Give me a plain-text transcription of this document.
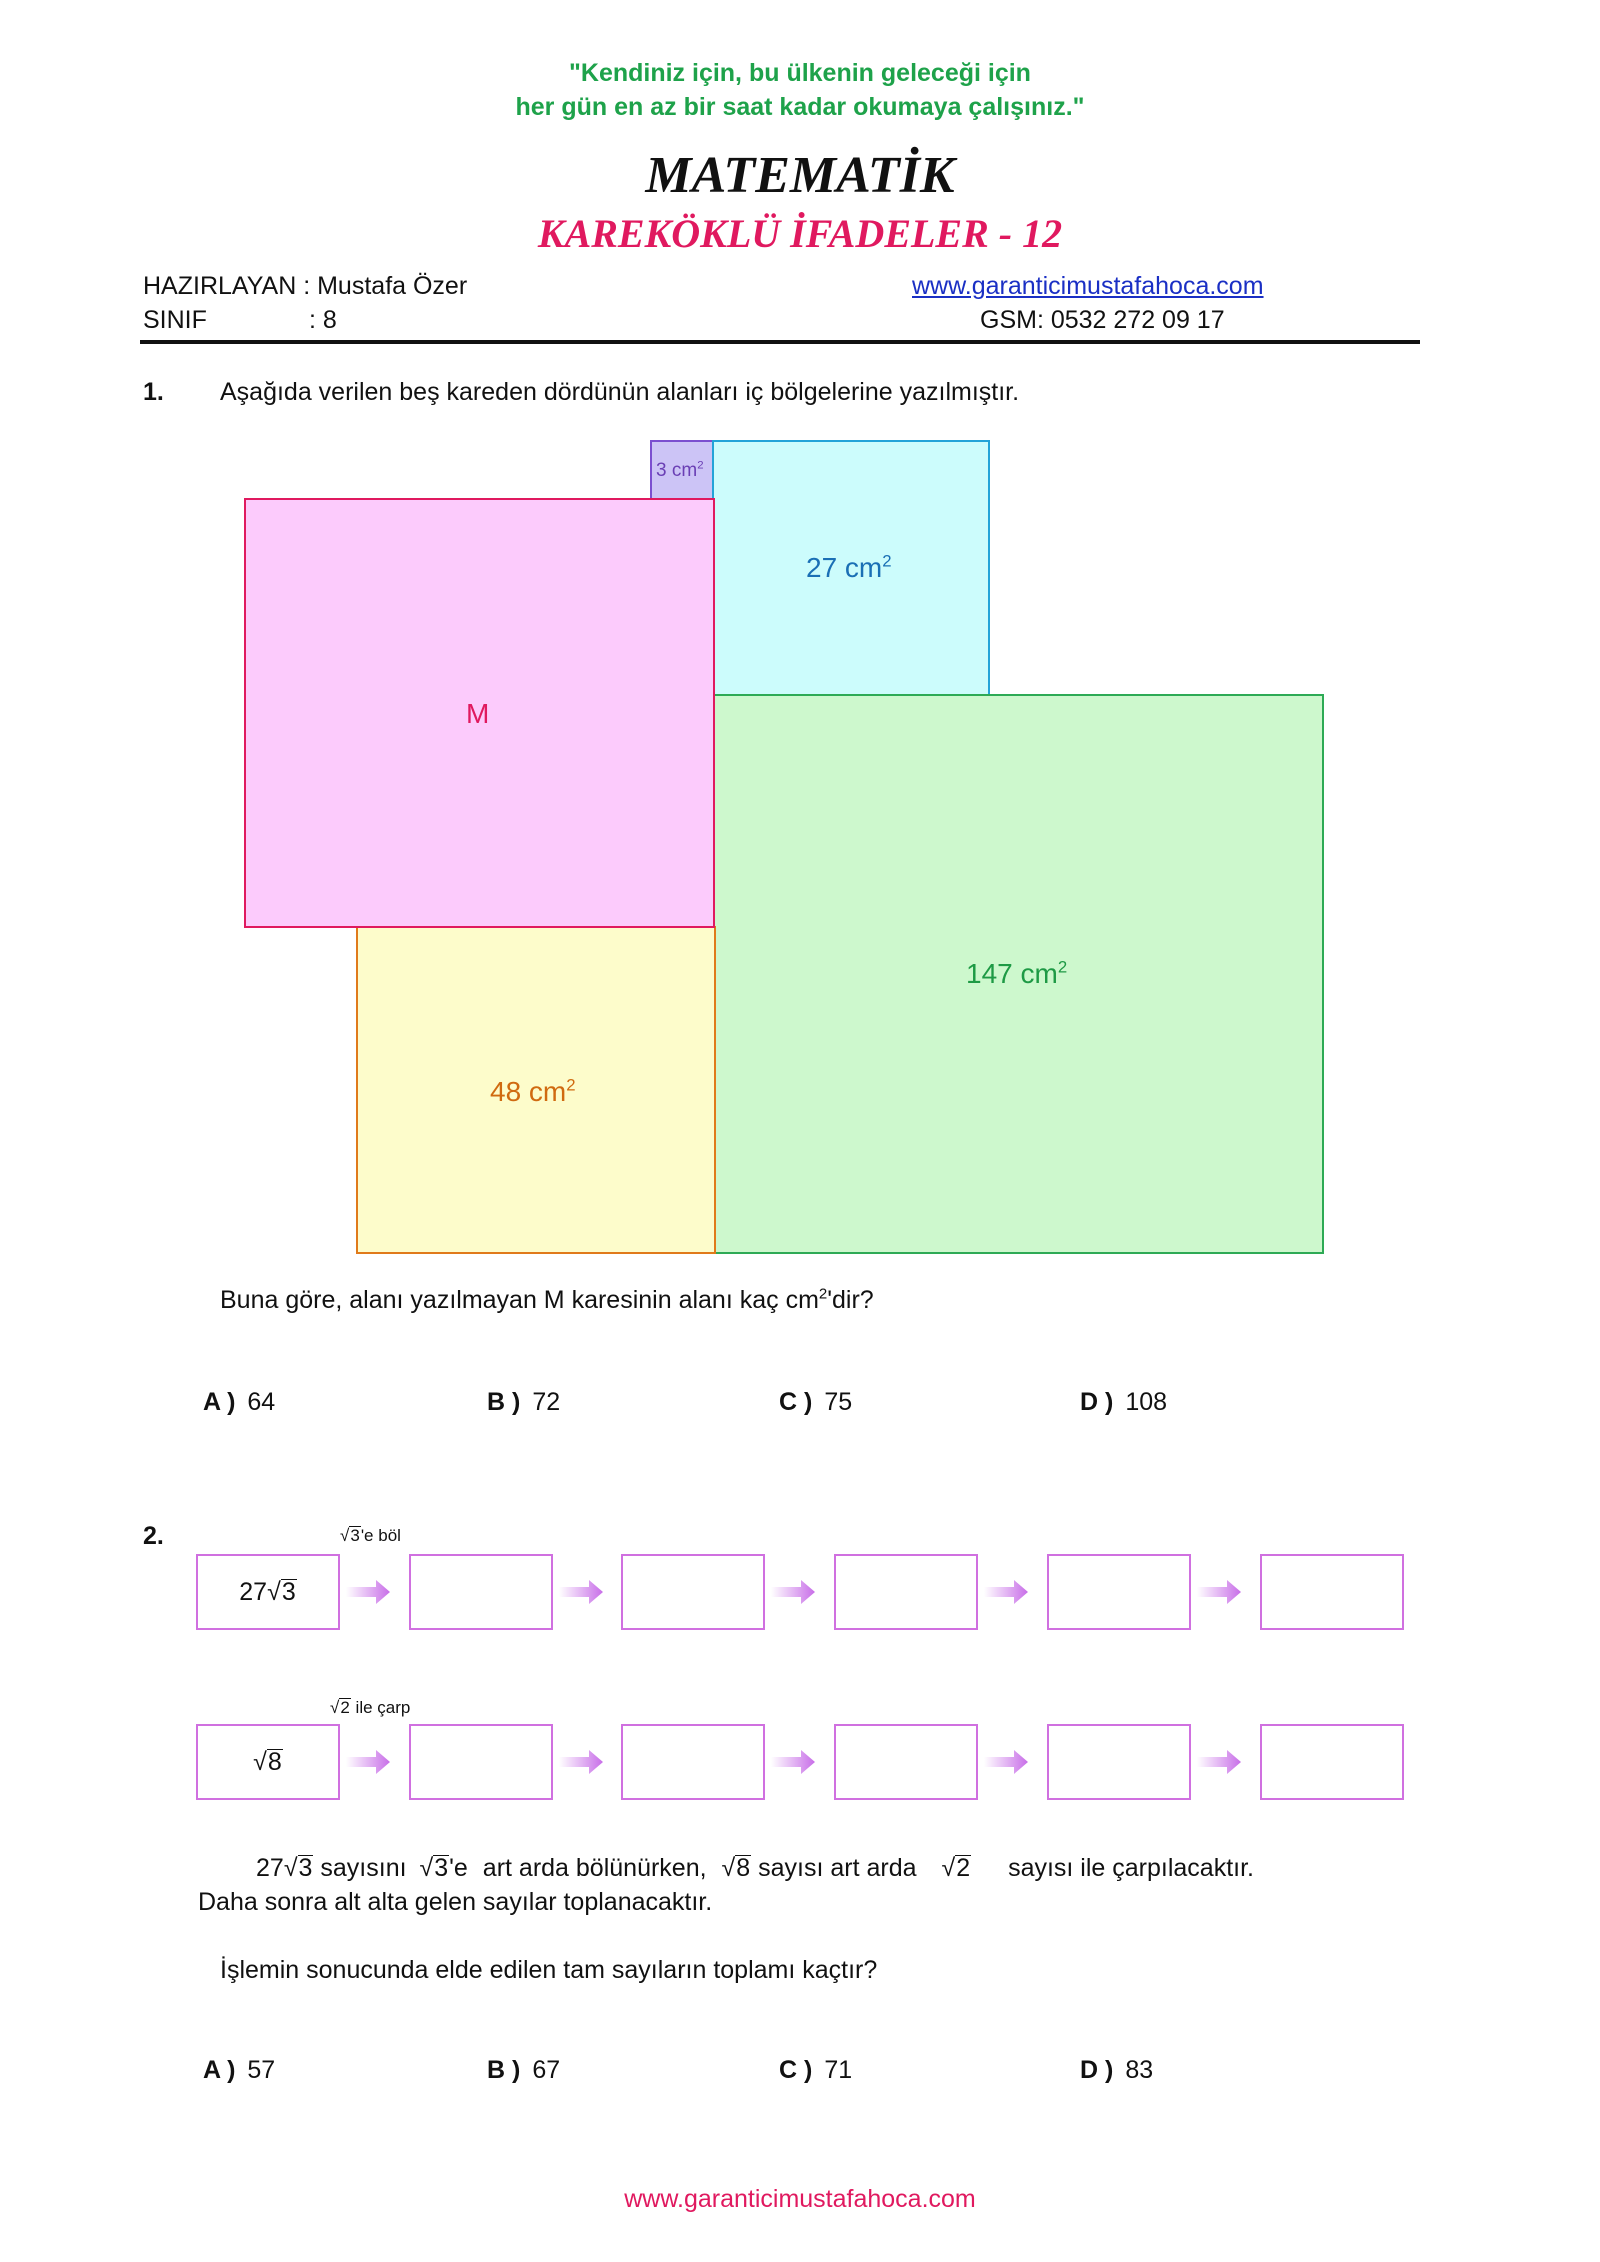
"Kendiniz için, bu ülkenin geleceği için
her gün en az bir saat kadar okumaya çalışınız."
MATEMATİK
KAREKÖKLÜ İFADELER - 12
HAZIRLAYAN : Mustafa Özer
SINIF	: 8
www.garanticimustafahoca.com
GSM: 0532 272 09 17
1. Aşağıda verilen beş kareden dördünün alanları iç bölgelerine yazılmıştır.
3 $cm^2$
27 $cm^2$
147 $cm^2$
48 $cm^2$
M
Buna göre, alanı yazılmayan M karesinin alanı kaç $cm^2'dir$?
A ) 64	B ) 72	C ) 75	D ) 108
2.	√3'e böl
√2 ile çarp
27√3
√8
27√3 sayısını √3'e art arda bölünürken, √8 sayısı art arda √2 sayısı ile çarpılacaktır.
Daha sonra alt alta gelen sayılar toplanacaktır.
İşlemin sonucunda elde edilen tam sayıların toplamı kaçtır?
A ) 57	B ) 67	C ) 71	D ) 83
www.garanticimustafahoca.com
